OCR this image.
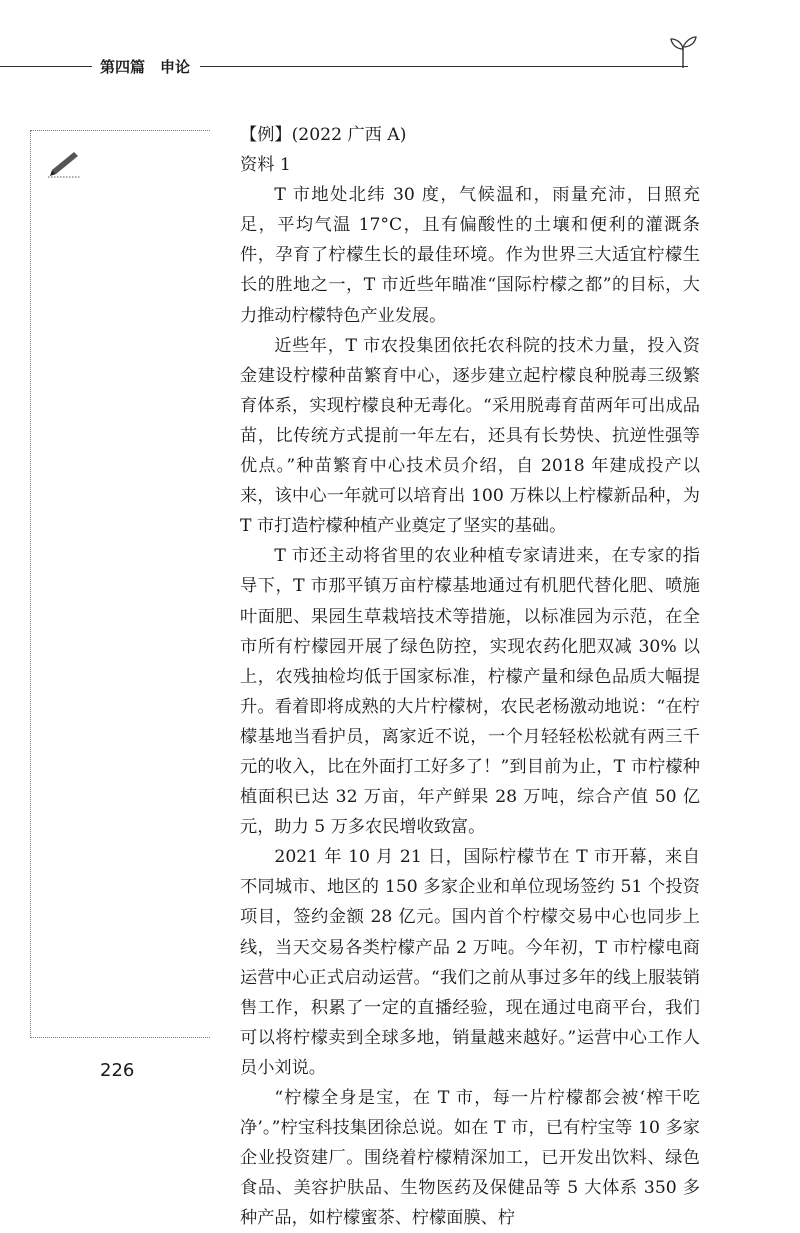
第四篇　申论

【例】(2022 广西 A)

资料 1

T 市地处北纬 30 度，气候温和，雨量充沛，日照充足，平均气温 17°C，且有偏酸性的土壤和便利的灌溉条件，孕育了柠檬生长的最佳环境。作为世界三大适宜柠檬生长的胜地之一，T 市近些年瞄准“国际柠檬之都”的目标，大力推动柠檬特色产业发展。

近些年，T 市农投集团依托农科院的技术力量，投入资金建设柠檬种苗繁育中心，逐步建立起柠檬良种脱毒三级繁育体系，实现柠檬良种无毒化。“采用脱毒育苗两年可出成品苗，比传统方式提前一年左右，还具有长势快、抗逆性强等优点。”种苗繁育中心技术员介绍，自 2018 年建成投产以来，该中心一年就可以培育出 100 万株以上柠檬新品种，为 T 市打造柠檬种植产业奠定了坚实的基础。

T 市还主动将省里的农业种植专家请进来，在专家的指导下，T 市那平镇万亩柠檬基地通过有机肥代替化肥、喷施叶面肥、果园生草栽培技术等措施，以标准园为示范，在全市所有柠檬园开展了绿色防控，实现农药化肥双减 30% 以上，农残抽检均低于国家标准，柠檬产量和绿色品质大幅提升。看着即将成熟的大片柠檬树，农民老杨激动地说：“在柠檬基地当看护员，离家近不说，一个月轻轻松松就有两三千元的收入，比在外面打工好多了！”到目前为止，T 市柠檬种植面积已达 32 万亩，年产鲜果 28 万吨，综合产值 50 亿元，助力 5 万多农民增收致富。

2021 年 10 月 21 日，国际柠檬节在 T 市开幕，来自不同城市、地区的 150 多家企业和单位现场签约 51 个投资项目，签约金额 28 亿元。国内首个柠檬交易中心也同步上线，当天交易各类柠檬产品 2 万吨。今年初，T 市柠檬电商运营中心正式启动运营。“我们之前从事过多年的线上服装销售工作，积累了一定的直播经验，现在通过电商平台，我们可以将柠檬卖到全球多地，销量越来越好。”运营中心工作人员小刘说。

“柠檬全身是宝，在 T 市，每一片柠檬都会被‘榨干吃净’。”柠宝科技集团徐总说。如在 T 市，已有柠宝等 10 多家企业投资建厂。围绕着柠檬精深加工，已开发出饮料、绿色食品、美容护肤品、生物医药及保健品等 5 大体系 350 多种产品，如柠檬蜜茶、柠檬面膜、柠

226
